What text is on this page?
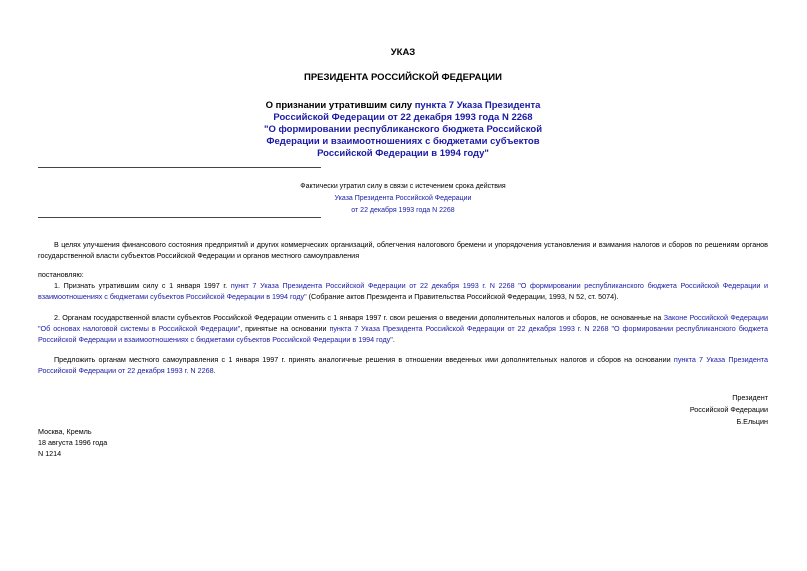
УКАЗ
ПРЕЗИДЕНТА РОССИЙСКОЙ ФЕДЕРАЦИИ
О признании утратившим силу пункта 7 Указа Президента
Российской Федерации от 22 декабря 1993 года N 2268
"О формировании республиканского бюджета Российской
Федерации и взаимоотношениях с бюджетами субъектов
Российской Федерации в 1994 году"
Фактически утратил силу в связи с истечением срока действия
Указа Президента Российской Федерации
от 22 декабря 1993 года N 2268
В целях улучшения финансового состояния предприятий и других коммерческих организаций, облегчения налогового бремени и упорядочения установления и взимания налогов и сборов по решениям органов государственной власти субъектов Российской Федерации и органов местного самоуправления
постановляю:
1. Признать утратившим силу с 1 января 1997 г. пункт 7 Указа Президента Российской Федерации от 22 декабря 1993 г. N 2268 "О формировании республиканского бюджета Российской Федерации и взаимоотношениях с бюджетами субъектов Российской Федерации в 1994 году" (Собрание актов Президента и Правительства Российской Федерации, 1993, N 52, ст. 5074).
2. Органам государственной власти субъектов Российской Федерации отменить с 1 января 1997 г. свои решения о введении дополнительных налогов и сборов, не основанные на Законе Российской Федерации "Об основах налоговой системы в Российской Федерации", принятые на основании пункта 7 Указа Президента Российской Федерации от 22 декабря 1993 г. N 2268 "О формировании республиканского бюджета Российской Федерации и взаимоотношениях с бюджетами субъектов Российской Федерации в 1994 году".
Предложить органам местного самоуправления с 1 января 1997 г. принять аналогичные решения в отношении введенных ими дополнительных налогов и сборов на основании пункта 7 Указа Президента Российской Федерации от 22 декабря 1993 г. N 2268.
Президент
Российской Федерации
Б.Ельцин
Москва, Кремль
18 августа 1996 года
N 1214
